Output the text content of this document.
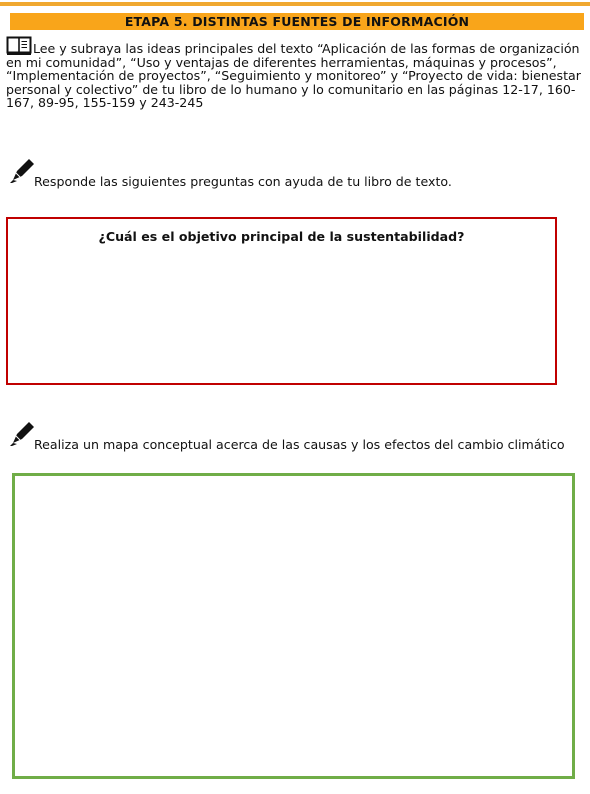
ETAPA 5. DISTINTAS FUENTES DE INFORMACIÓN

Lee y subraya las ideas principales del texto “Aplicación de las formas de organización en mi comunidad”, “Uso y ventajas de diferentes herramientas, máquinas y procesos”, “Implementación de proyectos”, “Seguimiento y monitoreo” y “Proyecto de vida: bienestar personal y colectivo” de tu libro de lo humano y lo comunitario en las páginas 12-17, 160-167, 89-95, 155-159 y 243-245

Responde las siguientes preguntas con ayuda de tu libro de texto.

¿Cuál es el objetivo principal de la sustentabilidad?

Realiza un mapa conceptual acerca de las causas y los efectos del cambio climático
